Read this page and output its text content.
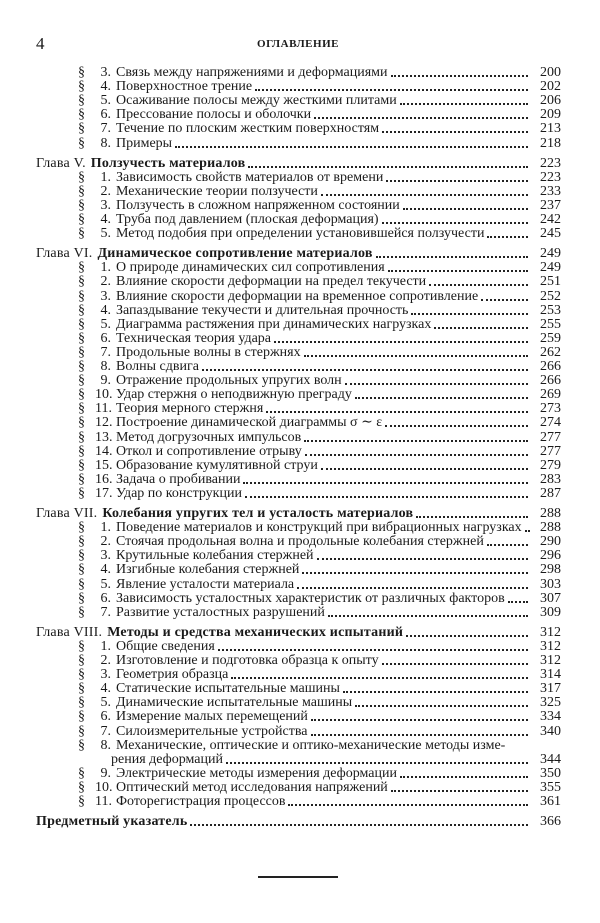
4	ОГЛАВЛЕНИЕ
§	3. Связь между напряжениями и деформациями	200
§	4. Поверхностное трение	202
§	5. Осаживание полосы между жесткими плитами	206
§	6. Прессование полосы и оболочки	209
§	7. Течение по плоским жестким поверхностям	213
§	8. Примеры	218
Глава V. Ползучесть материалов	223
§	1. Зависимость свойств материалов от времени	223
§	2. Механические теории ползучести	233
§	3. Ползучесть в сложном напряженном состоянии	237
§	4. Труба под давлением (плоская деформация)	242
§	5. Метод подобия при определении установившейся ползучести	245
Глава VI. Динамическое сопротивление материалов	249
§	1. О природе динамических сил сопротивления	249
§	2. Влияние скорости деформации на предел текучести	251
§	3. Влияние скорости деформации на временное сопротивление	252
§	4. Запаздывание текучести и длительная прочность	253
§	5. Диаграмма растяжения при динамических нагрузках	255
§	6. Техническая теория удара	259
§	7. Продольные волны в стержнях	262
§	8. Волны сдвига	266
§	9. Отражение продольных упругих волн	266
§ 10. Удар стержня о неподвижную преграду	269
§ 11. Теория мерного стержня	273
§ 12. Построение динамической диаграммы σ ∼ ε	274
§ 13. Метод догрузочных импульсов	277
§ 14. Откол и сопротивление отрыву	277
§ 15. Образование кумулятивной струи	279
§ 16. Задача о пробивании	283
§ 17. Удар по конструкции	287
Глава VII. Колебания упругих тел и усталость материалов	288
§	1. Поведение материалов и конструкций при вибрационных нагрузках	288
§	2. Стоячая продольная волна и продольные колебания стержней	290
§	3. Крутильные колебания стержней	296
§	4. Изгибные колебания стержней	298
§	5. Явление усталости материала	303
§	6. Зависимость усталостных характеристик от различных факторов	307
§	7. Развитие усталостных разрушений	309
Глава VIII. Методы и средства механических испытаний	312
§	1. Общие сведения	312
§	2. Изготовление и подготовка образца к опыту	312
§	3. Геометрия образца	314
§	4. Статические испытательные машины	317
§	5. Динамические испытательные машины	325
§	6. Измерение малых перемещений	334
§	7. Силоизмерительные устройства	340
§	8. Механические, оптические и оптико-механические методы изме-
рения деформаций	344
§	9. Электрические методы измерения деформации	350
§ 10. Оптический метод исследования напряжений	355
§ 11. Фоторегистрация процессов	361
Предметный указатель	366
